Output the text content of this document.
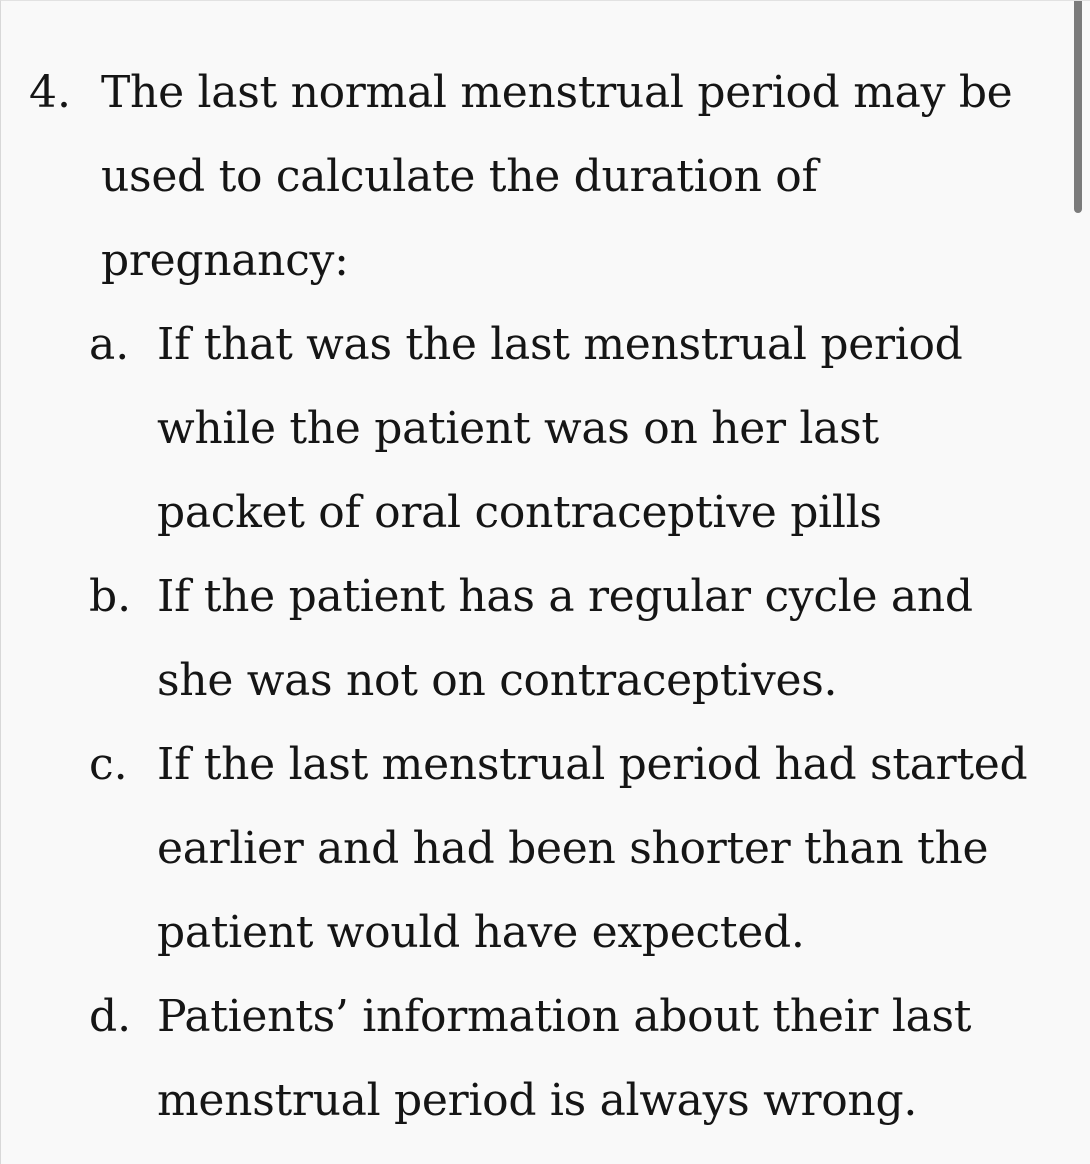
4. The last normal menstrual period may be
used to calculate the duration of
pregnancy:
a. If that was the last menstrual period
while the patient was on her last
packet of oral contraceptive pills
b. If the patient has a regular cycle and
she was not on contraceptives.
c. If the last menstrual period had started
earlier and had been shorter than the
patient would have expected.
d. Patients’ information about their last
menstrual period is always wrong.
